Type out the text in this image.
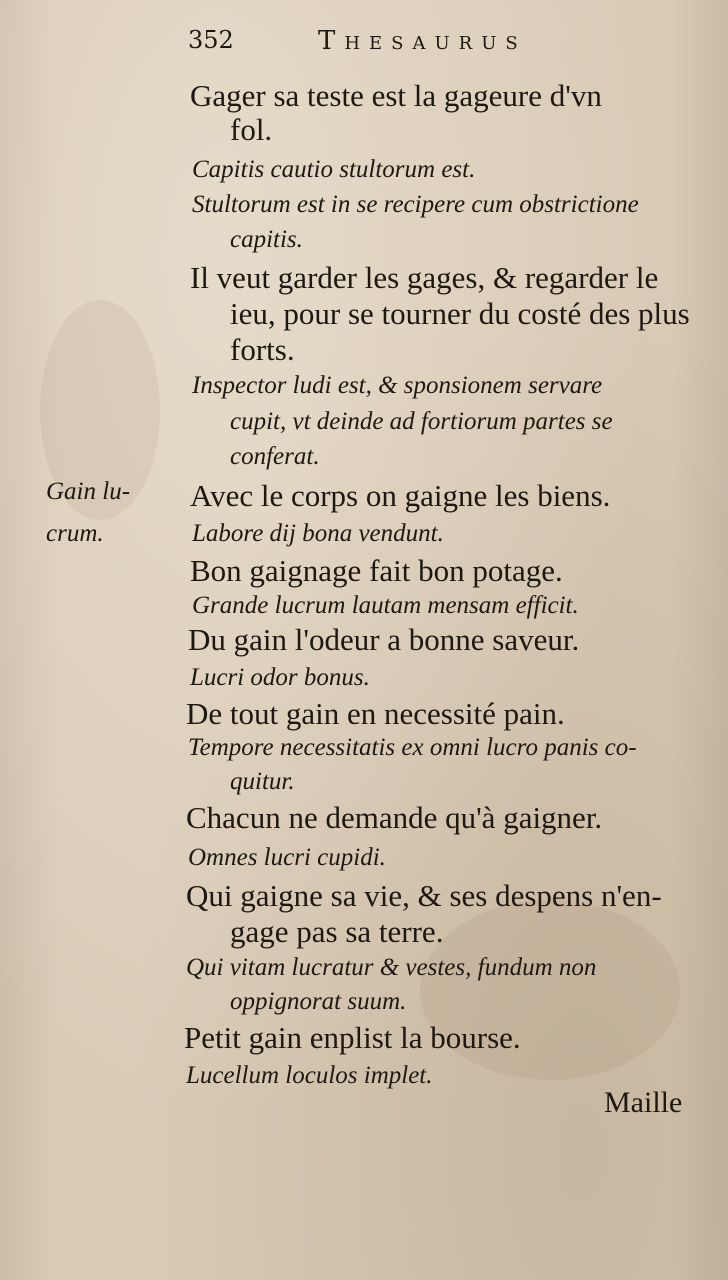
352	Thesaurus
Gain lu-
crum.
Gager sa teste est la gageure d'vn
fol.
Capitis cautio stultorum est.
Stultorum est in se recipere cum obstrictione
capitis.
Il veut garder les gages, & regarder le
ieu, pour se tourner du costé des plus
forts.
Inspector ludi est, & sponsionem servare
cupit, vt deinde ad fortiorum partes se
conferat.
Avec le corps on gaigne les biens.
Labore dij bona vendunt.
Bon gaignage fait bon potage.
Grande lucrum lautam mensam efficit.
Du gain l'odeur a bonne saveur.
Lucri odor bonus.
De tout gain en necessité pain.
Tempore necessitatis ex omni lucro panis co-
quitur.
Chacun ne demande qu'à gaigner.
Omnes lucri cupidi.
Qui gaigne sa vie, & ses despens n'en-
gage pas sa terre.
Qui vitam lucratur & vestes, fundum non
oppignorat suum.
Petit gain enplist la bourse.
Lucellum loculos implet.
Maille
